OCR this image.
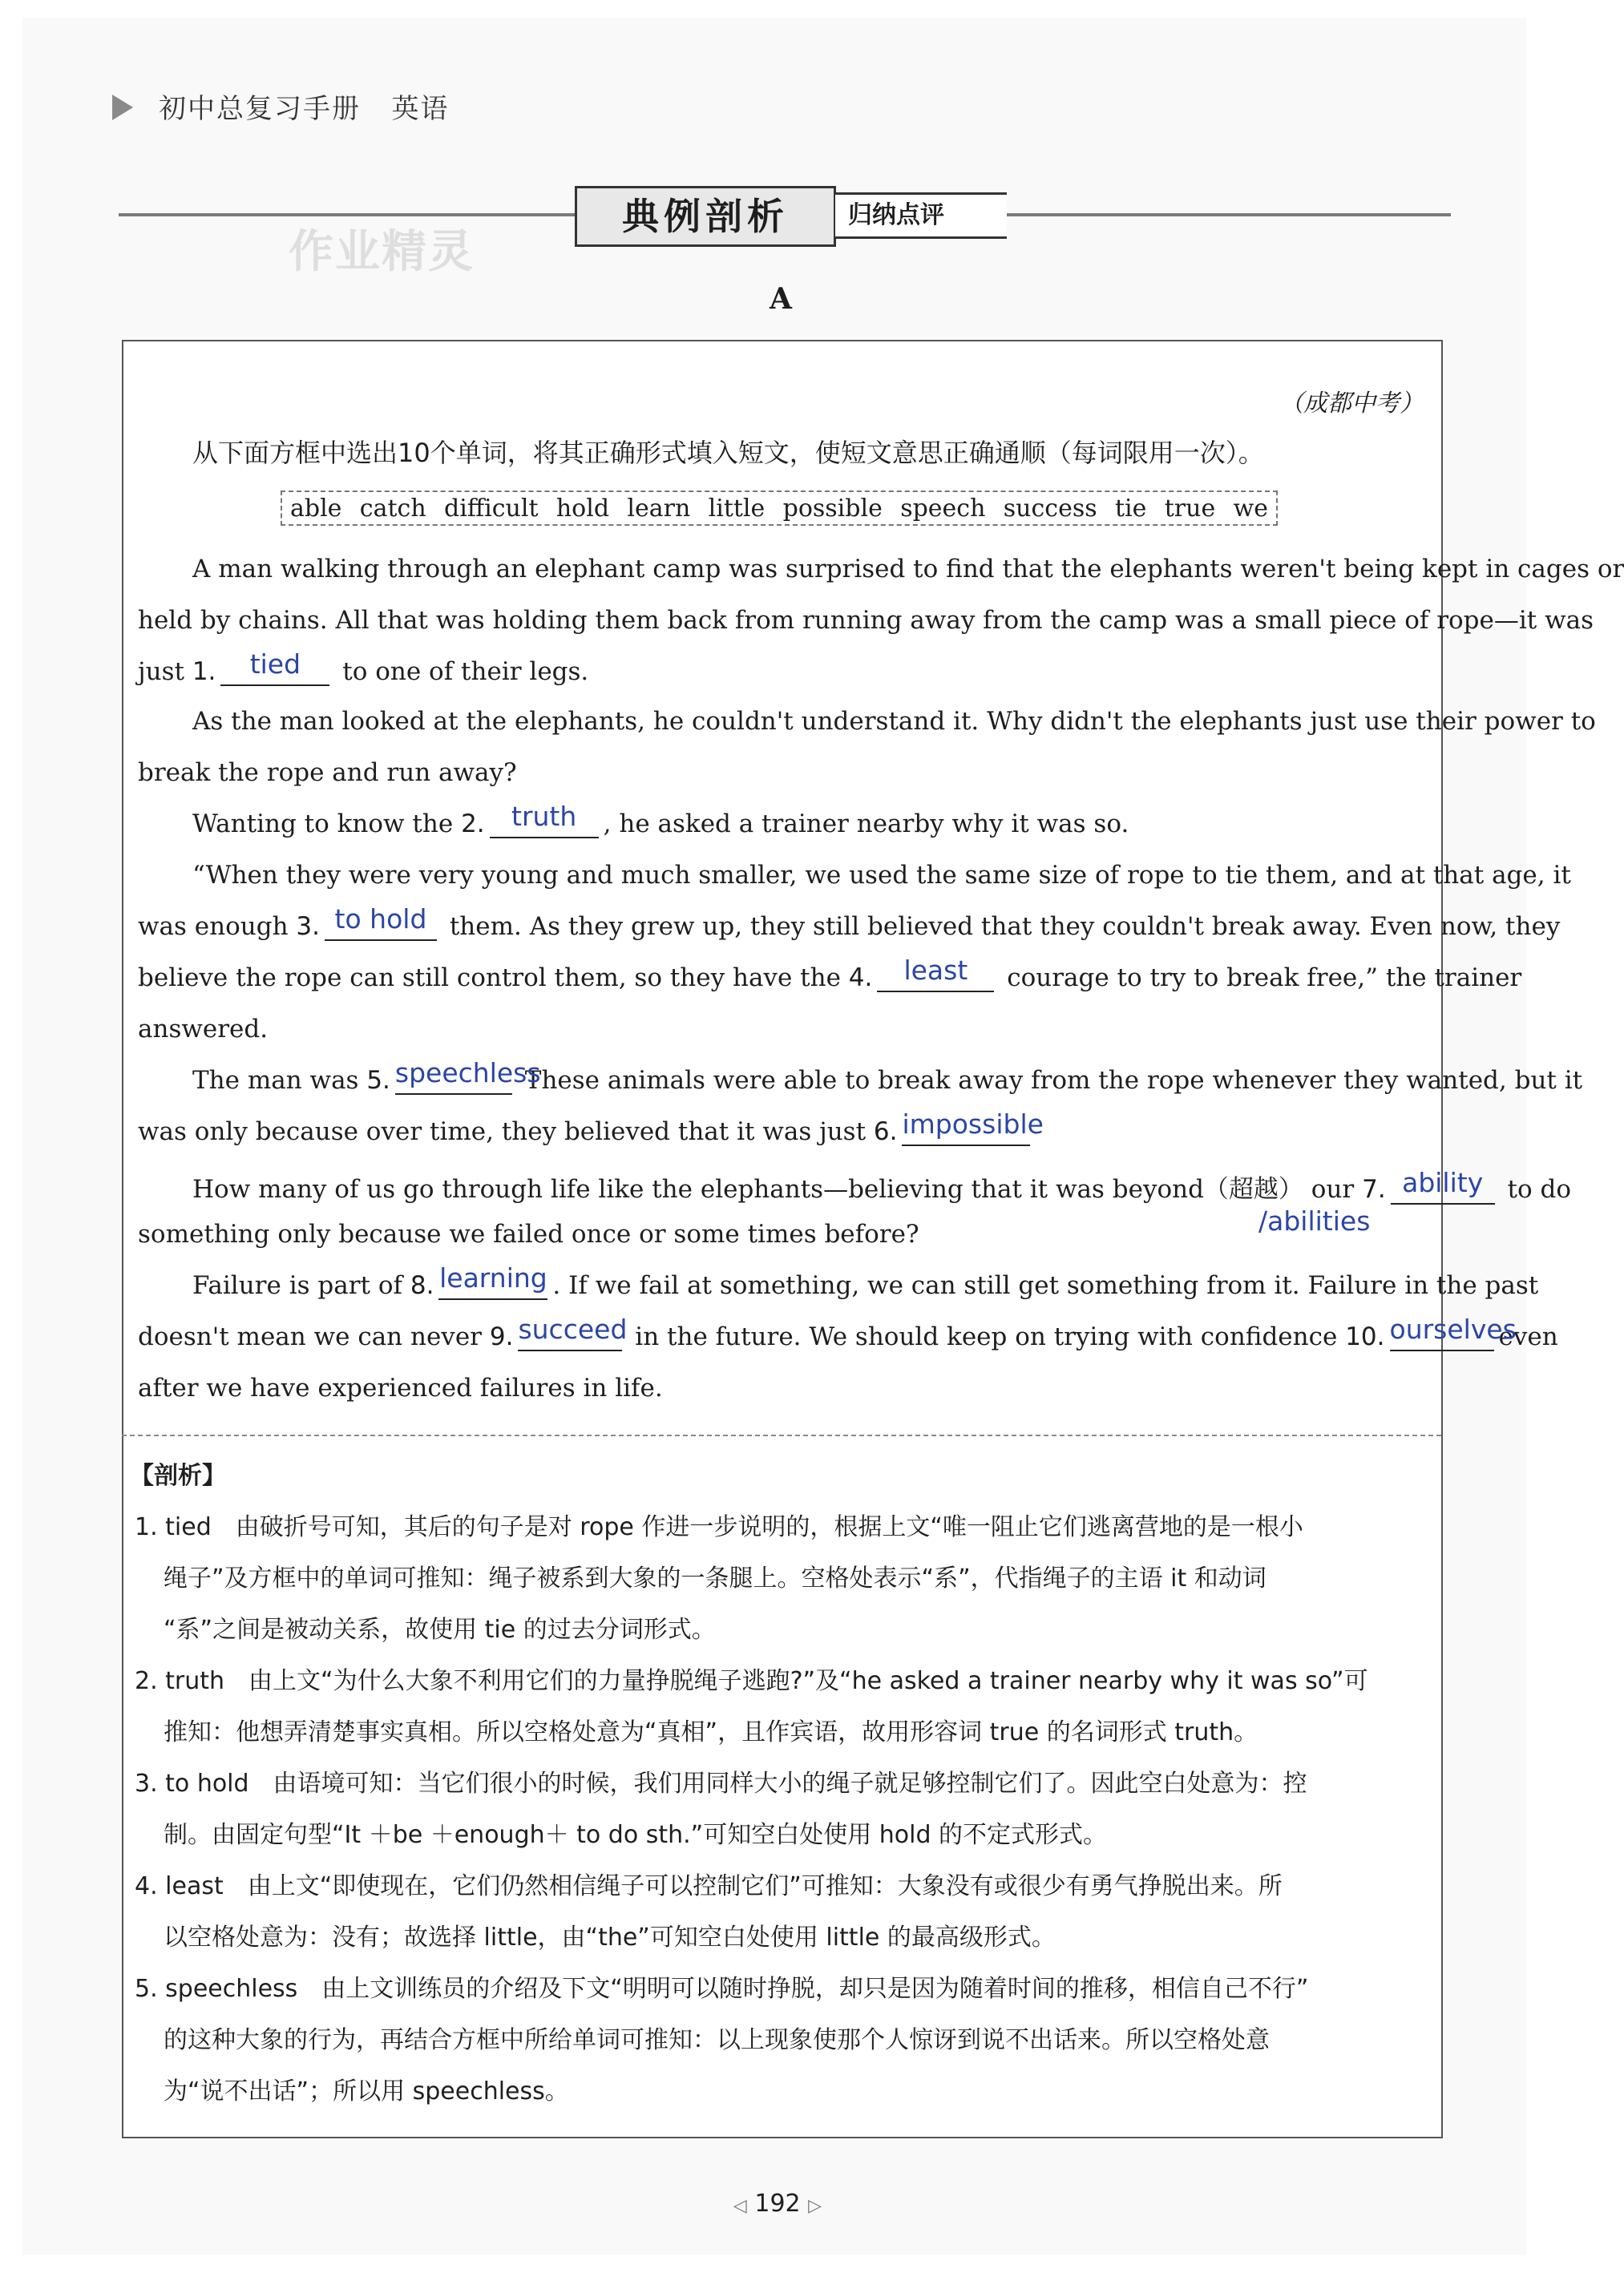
初中总复习手册 英语
典例剖析	归纳点评
作业精灵
A
（成都中考）
从下面方框中选出10个单词，将其正确形式填入短文，使短文意思正确通顺（每词限用一次）。
able catch difficult hold learn little possible speech success tie true we
A man walking through an elephant camp was surprised to find that the elephants weren't being kept in cages or
held by chains. All that was holding them back from running away from the camp was a small piece of rope—it was
just 1.	tied	to one of their legs.
As the man looked at the elephants, he couldn't understand it. Why didn't the elephants just use their power to
break the rope and run away?
Wanting to know the 2.	truth	, he asked a trainer nearby why it was so.
“When they were very young and much smaller, we used the same size of rope to tie them, and at that age, it
was enough 3. to hold them. As they grew up, they still believed that they couldn't break away. Even now, they
believe the rope can still control them, so they have the 4.	least	courage to try to break free,” the trainer
answered.
The man was 5. speechless
These animals were able to break away from the rope whenever they wanted, but it
was only because over time, they believed that it was just 6. impossible
How many of us go through life like the elephants—believing that it was beyond（超越） our 7. ability to do
/abilities
something only because we failed once or some times before?
Failure is part of 8. learning . If we fail at something, we can still get something from it. Failure in the past
doesn't mean we can never 9. succeed in the future. We should keep on trying with confidence 10. ourselves
even
after we have experienced failures in life.
【剖析】
1. tied　由破折号可知，其后的句子是对 rope 作进一步说明的，根据上文“唯一阻止它们逃离营地的是一根小
绳子”及方框中的单词可推知：绳子被系到大象的一条腿上。空格处表示“系”，代指绳子的主语 it 和动词
“系”之间是被动关系，故使用 tie 的过去分词形式。
2. truth　由上文“为什么大象不利用它们的力量挣脱绳子逃跑?”及“he asked a trainer nearby why it was so”可
推知：他想弄清楚事实真相。所以空格处意为“真相”，且作宾语，故用形容词 true 的名词形式 truth。
3. to hold　由语境可知：当它们很小的时候，我们用同样大小的绳子就足够控制它们了。因此空白处意为：控
制。由固定句型“It ＋be ＋enough＋ to do sth.”可知空白处使用 hold 的不定式形式。
4. least　由上文“即使现在，它们仍然相信绳子可以控制它们”可推知：大象没有或很少有勇气挣脱出来。所
以空格处意为：没有；故选择 little，由“the”可知空白处使用 little 的最高级形式。
5. speechless　由上文训练员的介绍及下文“明明可以随时挣脱，却只是因为随着时间的推移，相信自己不行”
的这种大象的行为，再结合方框中所给单词可推知：以上现象使那个人惊讶到说不出话来。所以空格处意
为“说不出话”；所以用 speechless。
◁ 192 ▷
